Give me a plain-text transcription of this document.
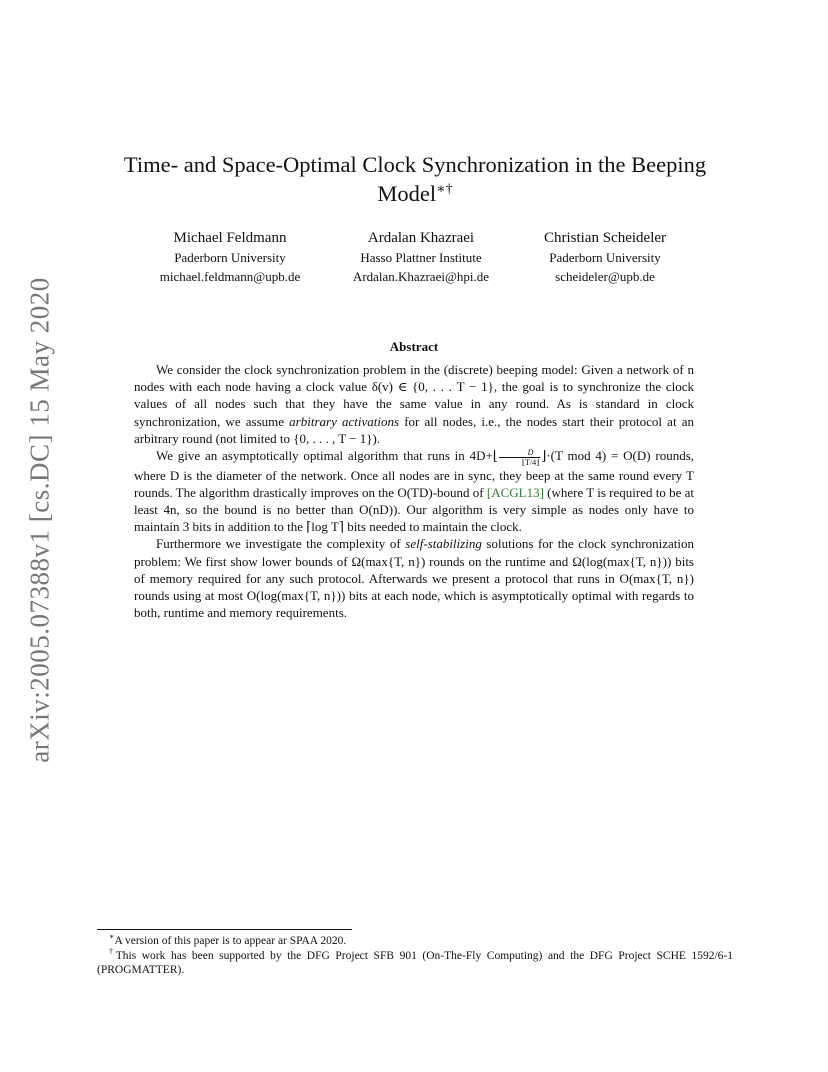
arXiv:2005.07388v1 [cs.DC] 15 May 2020
Time- and Space-Optimal Clock Synchronization in the Beeping Model∗†
Michael Feldmann
Paderborn University
michael.feldmann@upb.de
Ardalan Khazraei
Hasso Plattner Institute
Ardalan.Khazraei@hpi.de
Christian Scheideler
Paderborn University
scheideler@upb.de
Abstract

We consider the clock synchronization problem in the (discrete) beeping model: Given a network of n nodes with each node having a clock value δ(v) ∈ {0, . . . T − 1}, the goal is to synchronize the clock values of all nodes such that they have the same value in any round. As is standard in clock synchronization, we assume arbitrary activations for all nodes, i.e., the nodes start their protocol at an arbitrary round (not limited to {0, . . . , T − 1}).

We give an asymptotically optimal algorithm that runs in 4D+⌊ $\frac{D}{⌊T/4⌋}$ ⌋·(T mod 4) = O(D) rounds, where D is the diameter of the network. Once all nodes are in sync, they beep at the same round every T rounds. The algorithm drastically improves on the O(TD)-bound of [ACGL13] (where T is required to be at least 4n, so the bound is no better than O(nD)). Our algorithm is very simple as nodes only have to maintain 3 bits in addition to the ⌈log T⌉ bits needed to maintain the clock.

Furthermore we investigate the complexity of self-stabilizing solutions for the clock synchronization problem: We first show lower bounds of Ω(max{T, n}) rounds on the runtime and Ω(log(max{T, n})) bits of memory required for any such protocol. Afterwards we present a protocol that runs in O(max{T, n}) rounds using at most O(log(max{T, n})) bits at each node, which is asymptotically optimal with regards to both, runtime and memory requirements.

∗A version of this paper is to appear ar SPAA 2020.

†This work has been supported by the DFG Project SFB 901 (On-The-Fly Computing) and the DFG Project SCHE 1592/6-1 (PROGMATTER).
